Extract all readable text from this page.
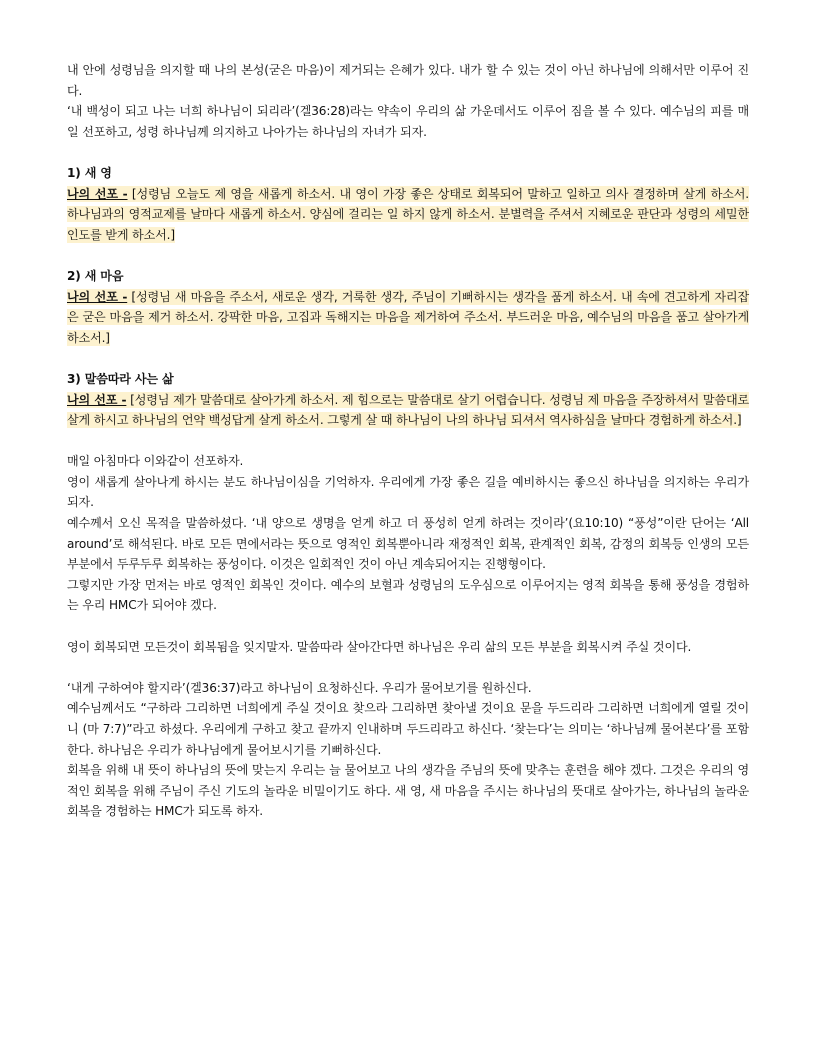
내 안에 성령님을 의지할 때 나의 본성(굳은 마음)이 제거되는 은혜가 있다. 내가 할 수 있는 것이 아닌 하나님에 의해서만 이루어 진다.

‘내 백성이 되고 나는 너희 하나님이 되리라’(겔36:28)라는 약속이 우리의 삶 가운데서도 이루어 짐을 볼 수 있다. 예수님의 피를 매일 선포하고, 성령 하나님께 의지하고 나아가는 하나님의 자녀가 되자.

1) 새 영

나의 선포 - [성령님 오늘도 제 영을 새롭게 하소서. 내 영이 가장 좋은 상태로 회복되어 말하고 일하고 의사 결정하며 살게 하소서. 하나님과의 영적교제를 날마다 새롭게 하소서. 양심에 걸리는 일 하지 않게 하소서. 분별력을 주셔서 지혜로운 판단과 성령의 세밀한 인도를 받게 하소서.]

2) 새 마음

나의 선포 - [성령님 새 마음을 주소서, 새로운 생각, 거룩한 생각, 주님이 기뻐하시는 생각을 품게 하소서. 내 속에 견고하게 자리잡은 굳은 마음을 제거 하소서. 강팍한 마음, 고집과 독해지는 마음을 제거하여 주소서. 부드러운 마음, 예수님의 마음을 품고 살아가게 하소서.]

3) 말씀따라 사는 삶

나의 선포 - [성령님 제가 말씀대로 살아가게 하소서. 제 힘으로는 말씀대로 살기 어렵습니다. 성령님 제 마음을 주장하셔서 말씀대로 살게 하시고 하나님의 언약 백성답게 살게 하소서. 그렇게 살 때 하나님이 나의 하나님 되셔서 역사하심을 날마다 경험하게 하소서.]

매일 아침마다 이와같이 선포하자.

영이 새롭게 살아나게 하시는 분도 하나님이심을 기억하자. 우리에게 가장 좋은 길을 예비하시는 좋으신 하나님을 의지하는 우리가 되자.

예수께서 오신 목적을 말씀하셨다. ‘내 양으로 생명을 얻게 하고 더 풍성히 얻게 하려는 것이라’(요10:10) “풍성”이란 단어는 ‘All around’로 해석된다. 바로 모든 면에서라는 뜻으로 영적인 회복뿐아니라 재정적인 회복, 관계적인 회복, 감정의 회복등 인생의 모든부분에서 두루두루 회복하는 풍성이다. 이것은 일회적인 것이 아닌 계속되어지는 진행형이다.

그렇지만 가장 먼저는 바로 영적인 회복인 것이다. 예수의 보혈과 성령님의 도우심으로 이루어지는 영적 회복을 통해 풍성을 경험하는 우리 HMC가 되어야 겠다.

영이 회복되면 모든것이 회복됨을 잊지말자. 말씀따라 살아간다면 하나님은 우리 삶의 모든 부분을 회복시켜 주실 것이다.

‘내게 구하여야 할지라’(겔36:37)라고 하나님이 요청하신다. 우리가 물어보기를 원하신다.

예수님께서도 “구하라 그리하면 너희에게 주실 것이요 찾으라 그리하면 찾아낼 것이요 문을 두드리라 그리하면 너희에게 열릴 것이니 (마 7:7)”라고 하셨다. 우리에게 구하고 찾고 끝까지 인내하며 두드리라고 하신다. ‘찾는다’는 의미는 ‘하나님께 물어본다’를 포함한다. 하나님은 우리가 하나님에게 물어보시기를 기뻐하신다.

회복을 위해 내 뜻이 하나님의 뜻에 맞는지 우리는 늘 물어보고 나의 생각을 주님의 뜻에 맞추는 훈련을 해야 겠다. 그것은 우리의 영적인 회복을 위해 주님이 주신 기도의 놀라운 비밀이기도 하다. 새 영, 새 마음을 주시는 하나님의 뜻대로 살아가는, 하나님의 놀라운 회복을 경험하는 HMC가 되도록 하자.
